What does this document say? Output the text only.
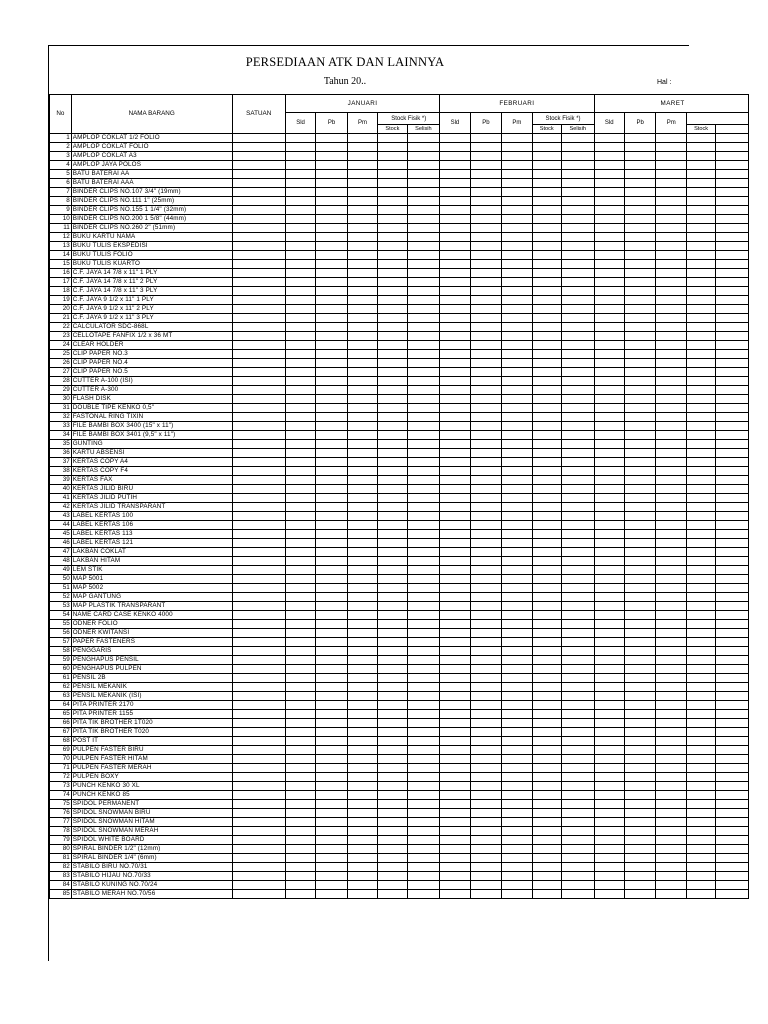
No	NAMA BARANG	SATUAN	JANUARI					FEBRUARI					MARET				
			Sld	Pb	Pm	Stock Fisik *)		Sld	Pb	Pm	Stock Fisik *)		Sld	Pb	Pm		
						Stock	Selisih				Stock	Selisih				Stock	
1	AMPLOP COKLAT 1/2 FOLIO																
2	AMPLOP COKLAT FOLIO																
3	AMPLOP COKLAT A3																
4	AMPLOP JAYA POLOS																
5	BATU BATERAI AA																
6	BATU BATERAI AAA																
7	BINDER CLIPS NO.107 3/4" (19mm)																
8	BINDER CLIPS NO.111 1" (25mm)																
9	BINDER CLIPS NO.155 1 1/4" (32mm)																
10	BINDER CLIPS NO.200 1 5/8" (44mm)																
11	BINDER CLIPS NO.260 2" (51mm)																
12	BUKU KARTU NAMA																
13	BUKU TULIS EKSPEDISI																
14	BUKU TULIS FOLIO																
15	BUKU TULIS KUARTO																
16	C.F. JAYA 14 7/8 x 11" 1 PLY																
17	C.F. JAYA 14 7/8 x 11" 2 PLY																
18	C.F. JAYA 14 7/8 x 11" 3 PLY																
19	C.F. JAYA 9 1/2 x 11" 1 PLY																
20	C.F. JAYA 9 1/2 x 11" 2 PLY																
21	C.F. JAYA 9 1/2 x 11" 3 PLY																
22	CALCULATOR SDC-868L																
23	CELLOTAPE FANFIX 1/2 x 36 MT																
24	CLEAR HOLDER																
25	CLIP PAPER NO.3																
26	CLIP PAPER NO.4																
27	CLIP PAPER NO.5																
28	CUTTER A-100 (ISI)																
29	CUTTER A-300																
30	FLASH DISK																
31	DOUBLE TIPE KENKO 0,5"																
32	FASTONAL RING TIXIN																
33	FILE BAMBI BOX 3400 (15" x 11")																
34	FILE BAMBI BOX 3401 (9,5" x 11")																
35	GUNTING																
36	KARTU ABSENSI																
37	KERTAS COPY A4																
38	KERTAS COPY F4																
39	KERTAS FAX																
40	KERTAS JILID BIRU																
41	KERTAS JILID PUTIH																
42	KERTAS JILID TRANSPARANT																
43	LABEL KERTAS 100																
44	LABEL KERTAS 106																
45	LABEL KERTAS 113																
46	LABEL KERTAS 121																
47	LAKBAN COKLAT																
48	LAKBAN HITAM																
49	LEM STIK																
50	MAP 5001																
51	MAP 5002																
52	MAP GANTUNG																
53	MAP PLASTIK TRANSPARANT																
54	NAME CARD CASE KENKO 4000																
55	ODNER FOLIO																
56	ODNER KWITANSI																
57	PAPER FASTENERS																
58	PENGGARIS																
59	PENGHAPUS PENSIL																
60	PENGHAPUS PULPEN																
61	PENSIL 2B																
62	PENSIL MEKANIK																
63	PENSIL MEKANIK (ISI)																
64	PITA PRINTER 2170																
65	PITA PRINTER 1155																
66	PITA TIK BROTHER 1T020																
67	PITA TIK BROTHER T020																
68	POST IT																
69	PULPEN FASTER BIRU																
70	PULPEN FASTER HITAM																
71	PULPEN FASTER MERAH																
72	PULPEN BOXY																
73	PUNCH KENKO 30 XL																
74	PUNCH KENKO 85																
75	SPIDOL PERMANENT																
76	SPIDOL SNOWMAN BIRU																
77	SPIDOL SNOWMAN HITAM																
78	SPIDOL SNOWMAN MERAH																
79	SPIDOL WHITE BOARD																
80	SPIRAL BINDER 1/2" (12mm)																
81	SPIRAL BINDER 1/4" (6mm)																
82	STABILO BIRU NO.70/31																
83	STABILO HIJAU NO.70/33																
84	STABILO KUNING NO.70/24																
85	STABILO MERAH NO.70/56																
PERSEDIAAN ATK DAN LAINNYA
Tahun 20..	Hal :
